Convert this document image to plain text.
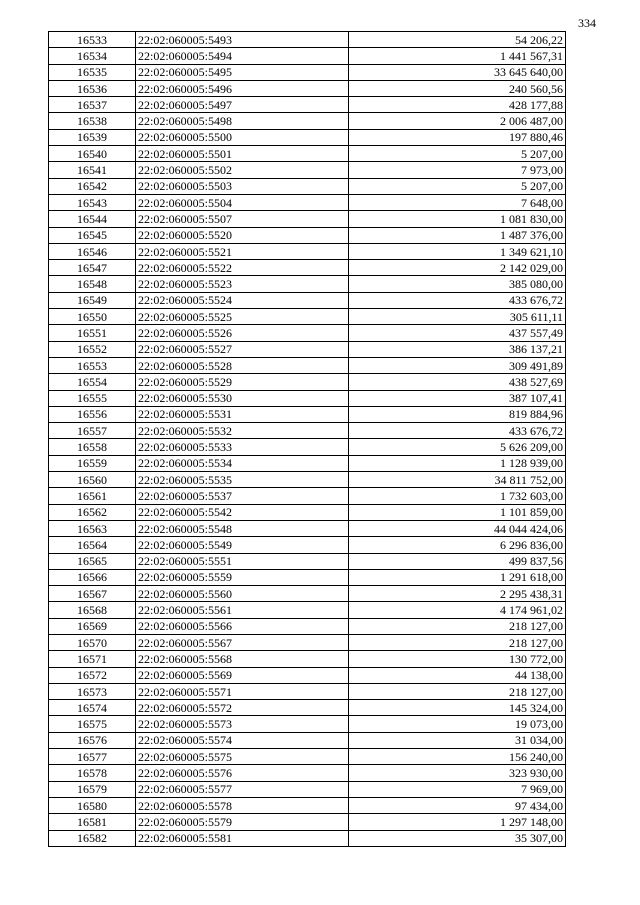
334
16533	22:02:060005:5493	54 206,22
16534	22:02:060005:5494	1 441 567,31
16535	22:02:060005:5495	33 645 640,00
16536	22:02:060005:5496	240 560,56
16537	22:02:060005:5497	428 177,88
16538	22:02:060005:5498	2 006 487,00
16539	22:02:060005:5500	197 880,46
16540	22:02:060005:5501	5 207,00
16541	22:02:060005:5502	7 973,00
16542	22:02:060005:5503	5 207,00
16543	22:02:060005:5504	7 648,00
16544	22:02:060005:5507	1 081 830,00
16545	22:02:060005:5520	1 487 376,00
16546	22:02:060005:5521	1 349 621,10
16547	22:02:060005:5522	2 142 029,00
16548	22:02:060005:5523	385 080,00
16549	22:02:060005:5524	433 676,72
16550	22:02:060005:5525	305 611,11
16551	22:02:060005:5526	437 557,49
16552	22:02:060005:5527	386 137,21
16553	22:02:060005:5528	309 491,89
16554	22:02:060005:5529	438 527,69
16555	22:02:060005:5530	387 107,41
16556	22:02:060005:5531	819 884,96
16557	22:02:060005:5532	433 676,72
16558	22:02:060005:5533	5 626 209,00
16559	22:02:060005:5534	1 128 939,00
16560	22:02:060005:5535	34 811 752,00
16561	22:02:060005:5537	1 732 603,00
16562	22:02:060005:5542	1 101 859,00
16563	22:02:060005:5548	44 044 424,06
16564	22:02:060005:5549	6 296 836,00
16565	22:02:060005:5551	499 837,56
16566	22:02:060005:5559	1 291 618,00
16567	22:02:060005:5560	2 295 438,31
16568	22:02:060005:5561	4 174 961,02
16569	22:02:060005:5566	218 127,00
16570	22:02:060005:5567	218 127,00
16571	22:02:060005:5568	130 772,00
16572	22:02:060005:5569	44 138,00
16573	22:02:060005:5571	218 127,00
16574	22:02:060005:5572	145 324,00
16575	22:02:060005:5573	19 073,00
16576	22:02:060005:5574	31 034,00
16577	22:02:060005:5575	156 240,00
16578	22:02:060005:5576	323 930,00
16579	22:02:060005:5577	7 969,00
16580	22:02:060005:5578	97 434,00
16581	22:02:060005:5579	1 297 148,00
16582	22:02:060005:5581	35 307,00
